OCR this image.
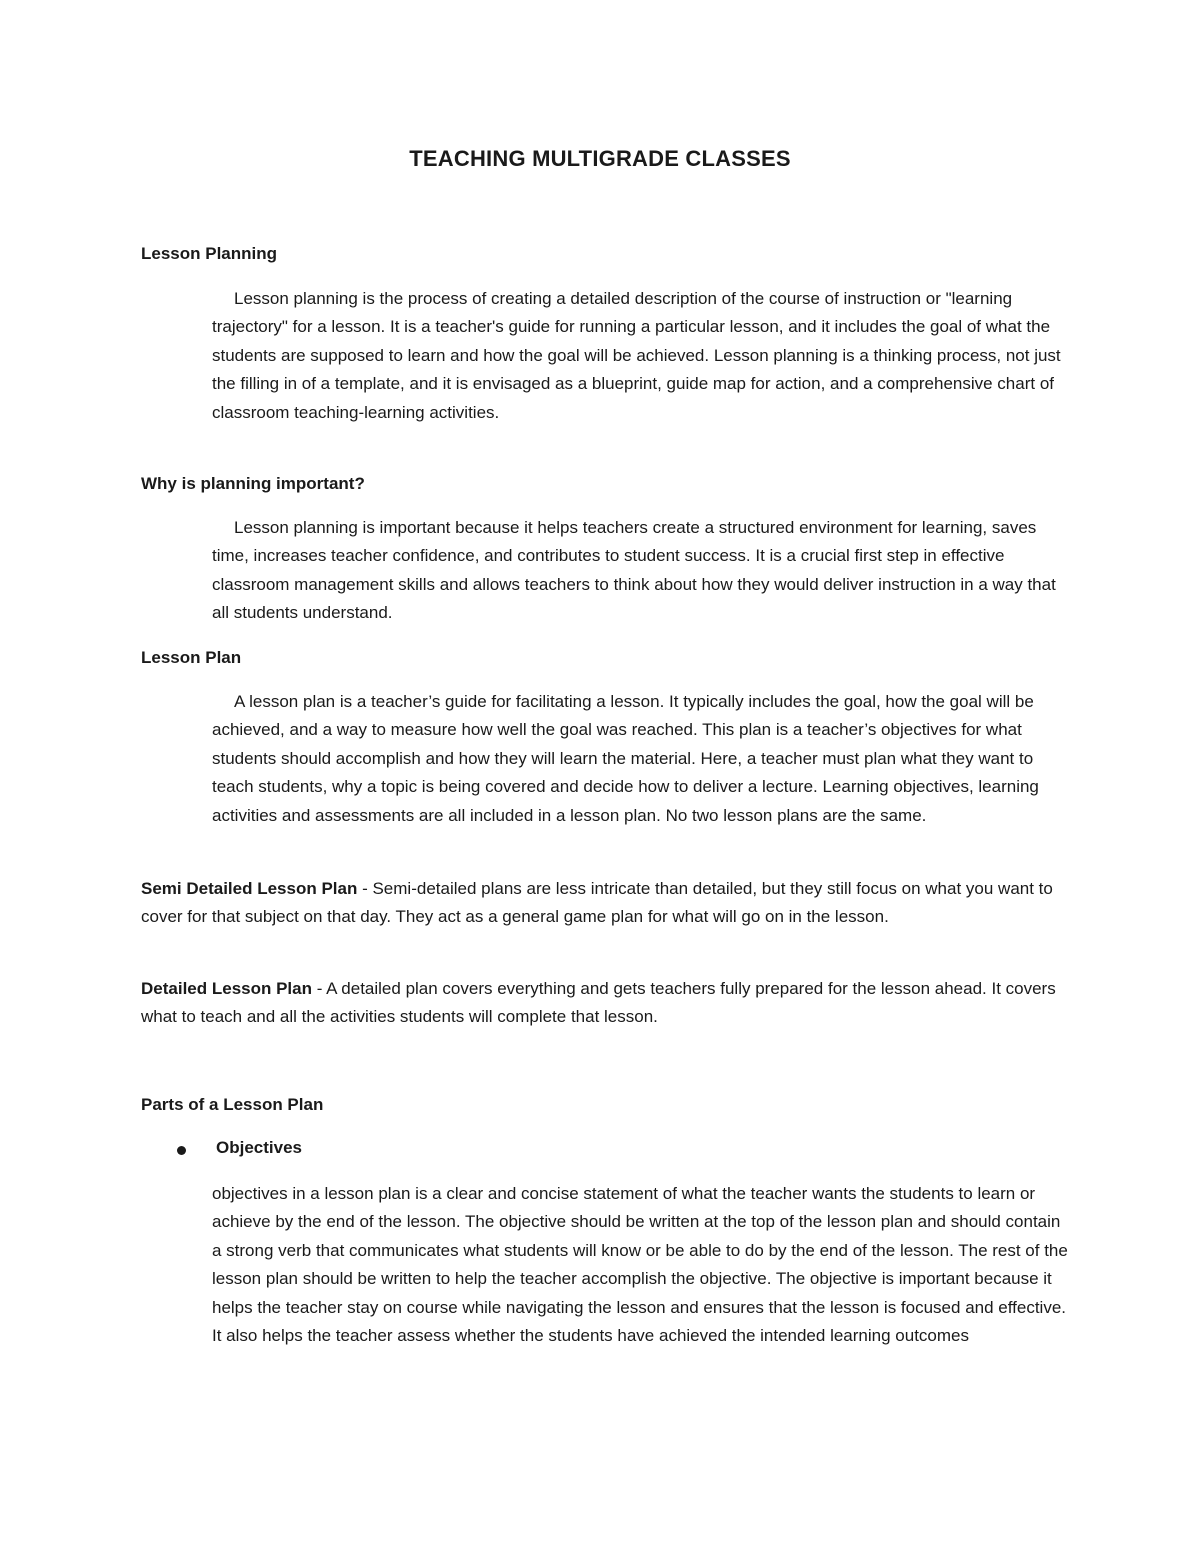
TEACHING MULTIGRADE CLASSES
Lesson Planning

Lesson planning is the process of creating a detailed description of the course of instruction or "learning trajectory" for a lesson. It is a teacher's guide for running a particular lesson, and it includes the goal of what the students are supposed to learn and how the goal will be achieved. Lesson planning is a thinking process, not just the filling in of a template, and it is envisaged as a blueprint, guide map for action, and a comprehensive chart of classroom teaching-learning activities.

Why is planning important?

Lesson planning is important because it helps teachers create a structured environment for learning, saves time, increases teacher confidence, and contributes to student success. It is a crucial first step in effective classroom management skills and allows teachers to think about how they would deliver instruction in a way that all students understand.

Lesson Plan

A lesson plan is a teacher’s guide for facilitating a lesson. It typically includes the goal, how the goal will be achieved, and a way to measure how well the goal was reached. This plan is a teacher’s objectives for what students should accomplish and how they will learn the material. Here, a teacher must plan what they want to teach students, why a topic is being covered and decide how to deliver a lecture. Learning objectives, learning activities and assessments are all included in a lesson plan. No two lesson plans are the same.

Semi Detailed Lesson Plan - Semi-detailed plans are less intricate than detailed, but they still focus on what you want to cover for that subject on that day. They act as a general game plan for what will go on in the lesson.

Detailed Lesson Plan - A detailed plan covers everything and gets teachers fully prepared for the lesson ahead. It covers what to teach and all the activities students will complete that lesson.

Parts of a Lesson Plan
Objectives

objectives in a lesson plan is a clear and concise statement of what the teacher wants the students to learn or achieve by the end of the lesson. The objective should be written at the top of the lesson plan and should contain a strong verb that communicates what students will know or be able to do by the end of the lesson. The rest of the lesson plan should be written to help the teacher accomplish the objective. The objective is important because it helps the teacher stay on course while navigating the lesson and ensures that the lesson is focused and effective. It also helps the teacher assess whether the students have achieved the intended learning outcomes
